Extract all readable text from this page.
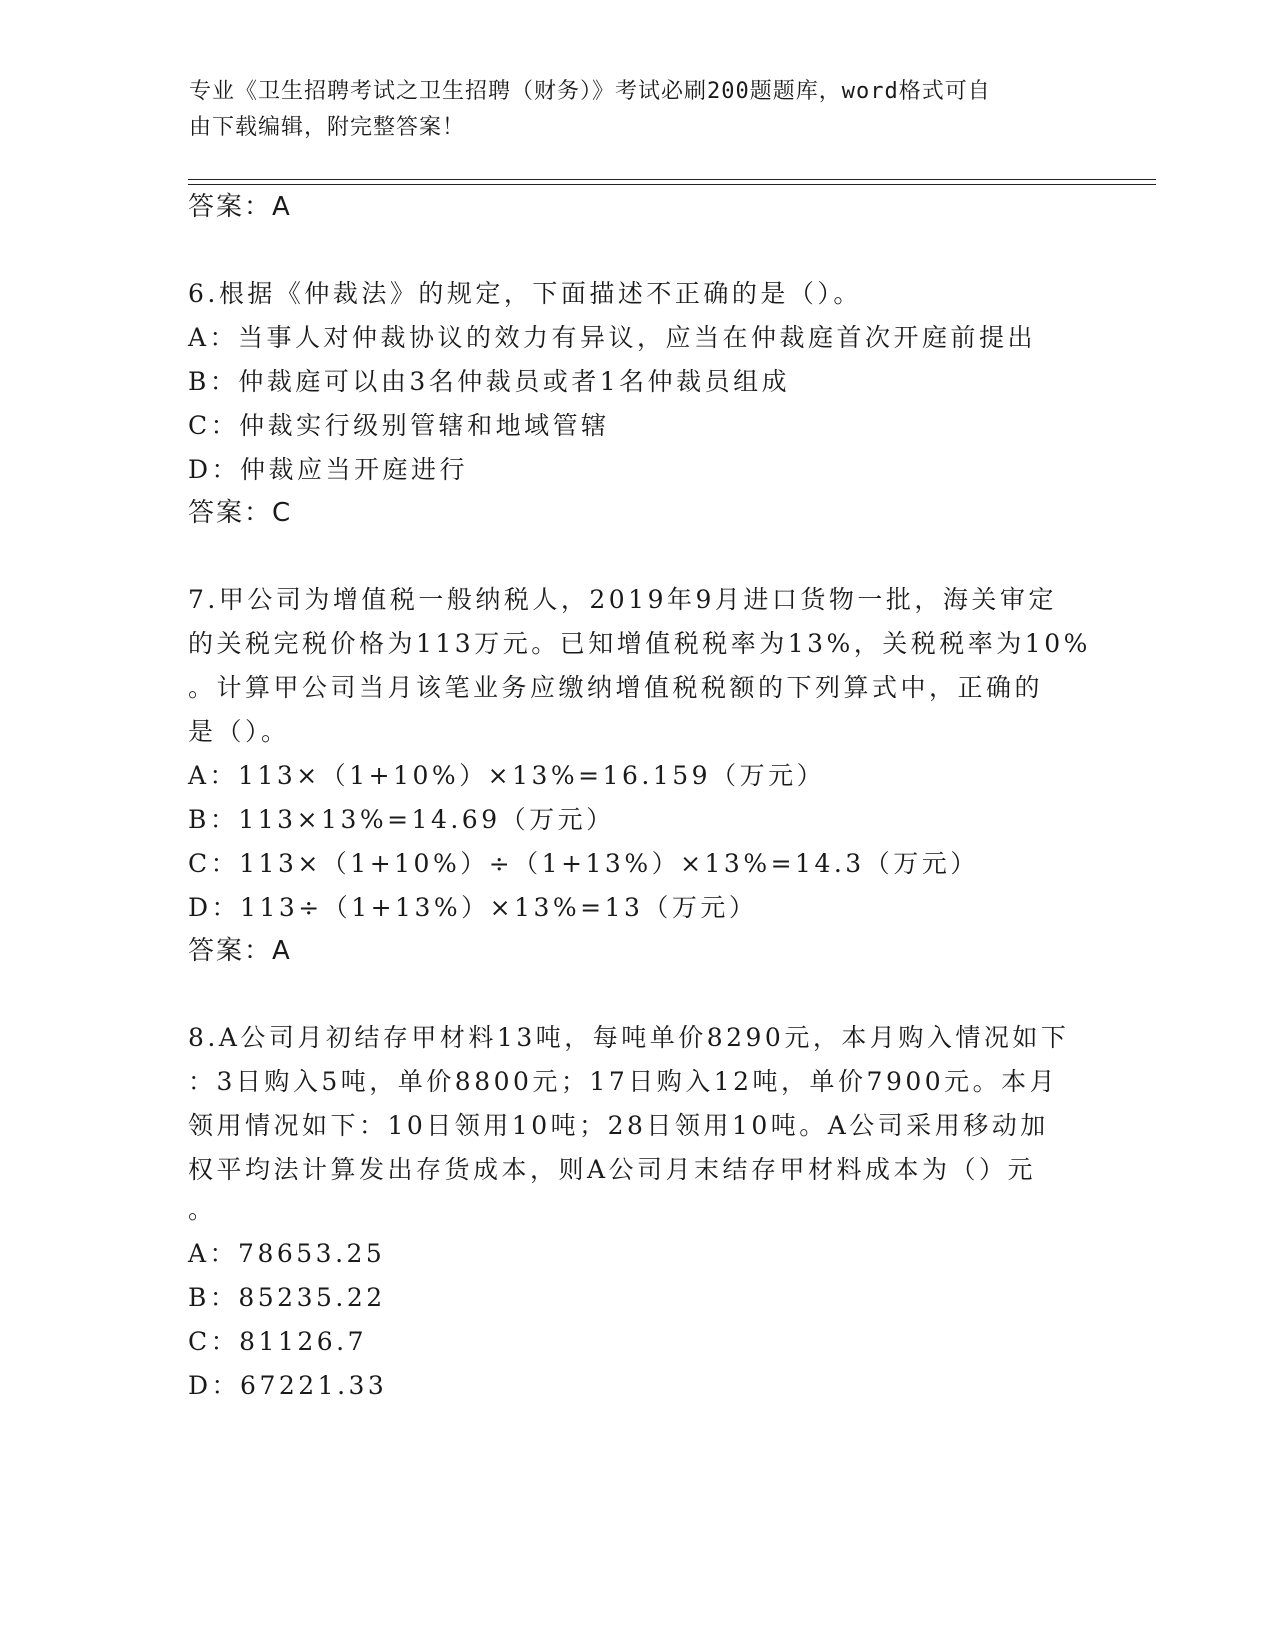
专业《卫生招聘考试之卫生招聘（财务）》考试必刷200题题库，word格式可自
由下载编辑，附完整答案！
答案：A
6.根据《仲裁法》的规定，下面描述不正确的是（）。
A：当事人对仲裁协议的效力有异议，应当在仲裁庭首次开庭前提出
B：仲裁庭可以由3名仲裁员或者1名仲裁员组成
C：仲裁实行级别管辖和地域管辖
D：仲裁应当开庭进行
答案：C
7.甲公司为增值税一般纳税人，2019年9月进口货物一批，海关审定
的关税完税价格为113万元。已知增值税税率为13%，关税税率为10%
。计算甲公司当月该笔业务应缴纳增值税税额的下列算式中，正确的
是（）。
A：113×（1+10%）×13%=16.159（万元）
B：113×13%=14.69（万元）
C：113×（1+10%）÷（1+13%）×13%=14.3（万元）
D：113÷（1+13%）×13%=13（万元）
答案：A
8.A公司月初结存甲材料13吨，每吨单价8290元，本月购入情况如下
：3日购入5吨，单价8800元；17日购入12吨，单价7900元。本月
领用情况如下：10日领用10吨；28日领用10吨。A公司采用移动加
权平均法计算发出存货成本，则A公司月末结存甲材料成本为（）元
。
A：78653.25
B：85235.22
C：81126.7
D：67221.33
